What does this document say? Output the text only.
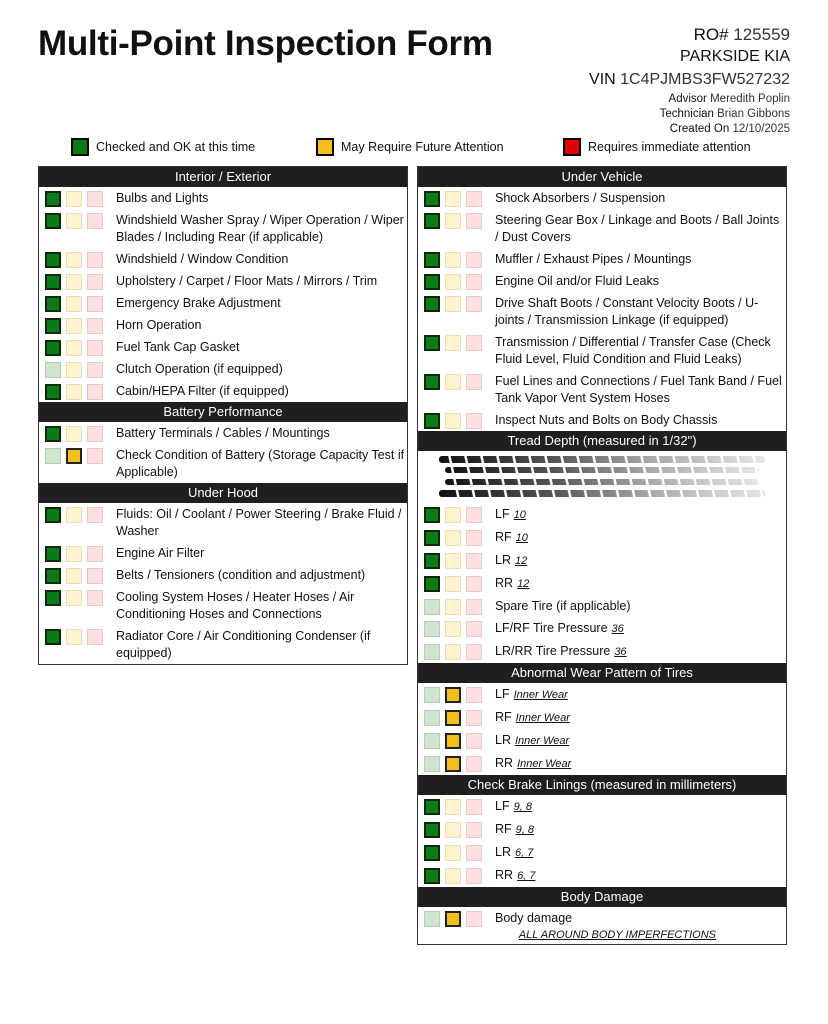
Multi-Point Inspection Form	RO# 125559
PARKSIDE KIA
VIN 1C4PJMBS3FW527232
Advisor Meredith Poplin
Technician Brian Gibbons
Created On 12/10/2025
Checked and OK at this time	May Require Future Attention	Requires immediate attention
Interior / Exterior
Bulbs and Lights
Windshield Washer Spray / Wiper Operation / Wiper Blades / Including Rear (if applicable)
Windshield / Window Condition
Upholstery / Carpet / Floor Mats / Mirrors / Trim
Emergency Brake Adjustment
Horn Operation
Fuel Tank Cap Gasket
Clutch Operation (if equipped)
Cabin/HEPA Filter (if equipped)
Battery Performance
Battery Terminals / Cables / Mountings
Check Condition of Battery (Storage Capacity Test if Applicable)
Under Hood
Fluids: Oil / Coolant / Power Steering / Brake Fluid / Washer
Engine Air Filter
Belts / Tensioners (condition and adjustment)
Cooling System Hoses / Heater Hoses / Air Conditioning Hoses and Connections
Radiator Core / Air Conditioning Condenser (if equipped)
Under Vehicle
Shock Absorbers / Suspension
Steering Gear Box / Linkage and Boots / Ball Joints / Dust Covers
Muffler / Exhaust Pipes / Mountings
Engine Oil and/or Fluid Leaks
Drive Shaft Boots / Constant Velocity Boots / U-joints / Transmission Linkage (if equipped)
Transmission / Differential / Transfer Case (Check Fluid Level, Fluid Condition and Fluid Leaks)
Fuel Lines and Connections / Fuel Tank Band / Fuel Tank Vapor Vent System Hoses
Inspect Nuts and Bolts on Body Chassis
Tread Depth (measured in 1/32")
LF 10
RF 10
LR 12
RR 12
Spare Tire (if applicable)
LF/RF Tire Pressure 36
LR/RR Tire Pressure 36
Abnormal Wear Pattern of Tires
LF Inner Wear
RF Inner Wear
LR Inner Wear
RR Inner Wear
Check Brake Linings (measured in millimeters)
LF 9, 8
RF 9, 8
LR 6, 7
RR 6, 7
Body Damage
Body damage
ALL AROUND BODY IMPERFECTIONS
